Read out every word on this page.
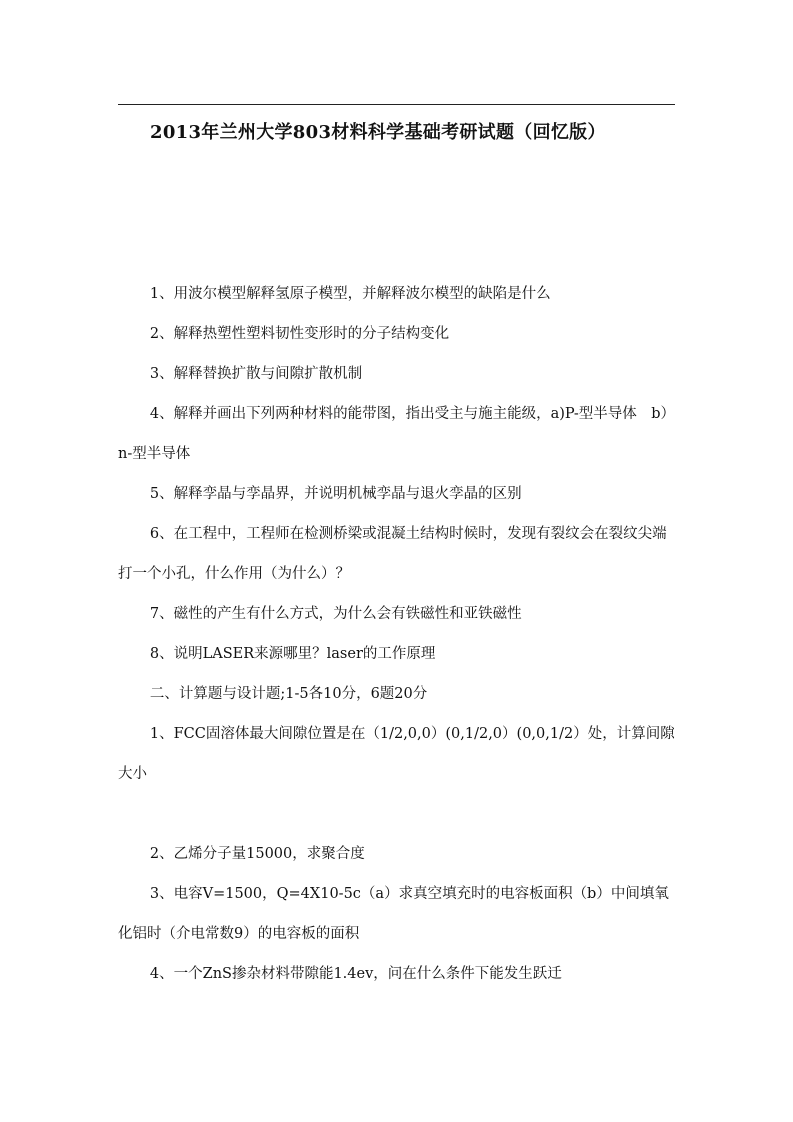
2013年兰州大学803材料科学基础考研试题（回忆版）

1、用波尔模型解释氢原子模型，并解释波尔模型的缺陷是什么

2、解释热塑性塑料韧性变形时的分子结构变化

3、解释替换扩散与间隙扩散机制

4、解释并画出下列两种材料的能带图，指出受主与施主能级，a)P-型半导体　b）n-型半导体

5、解释孪晶与孪晶界，并说明机械孪晶与退火孪晶的区别

6、在工程中，工程师在检测桥梁或混凝土结构时候时，发现有裂纹会在裂纹尖端打一个小孔，什么作用（为什么）？

7、磁性的产生有什么方式，为什么会有铁磁性和亚铁磁性

8、说明LASER来源哪里？laser的工作原理

二、计算题与设计题;1-5各10分，6题20分

1、FCC固溶体最大间隙位置是在（1/2,0,0）(0,1/2,0）(0,0,1/2）处，计算间隙大小

2、乙烯分子量15000，求聚合度

3、电容V=1500，Q=4X10-5c（a）求真空填充时的电容板面积（b）中间填氧化铝时（介电常数9）的电容板的面积

4、一个ZnS掺杂材料带隙能1.4ev，问在什么条件下能发生跃迁
